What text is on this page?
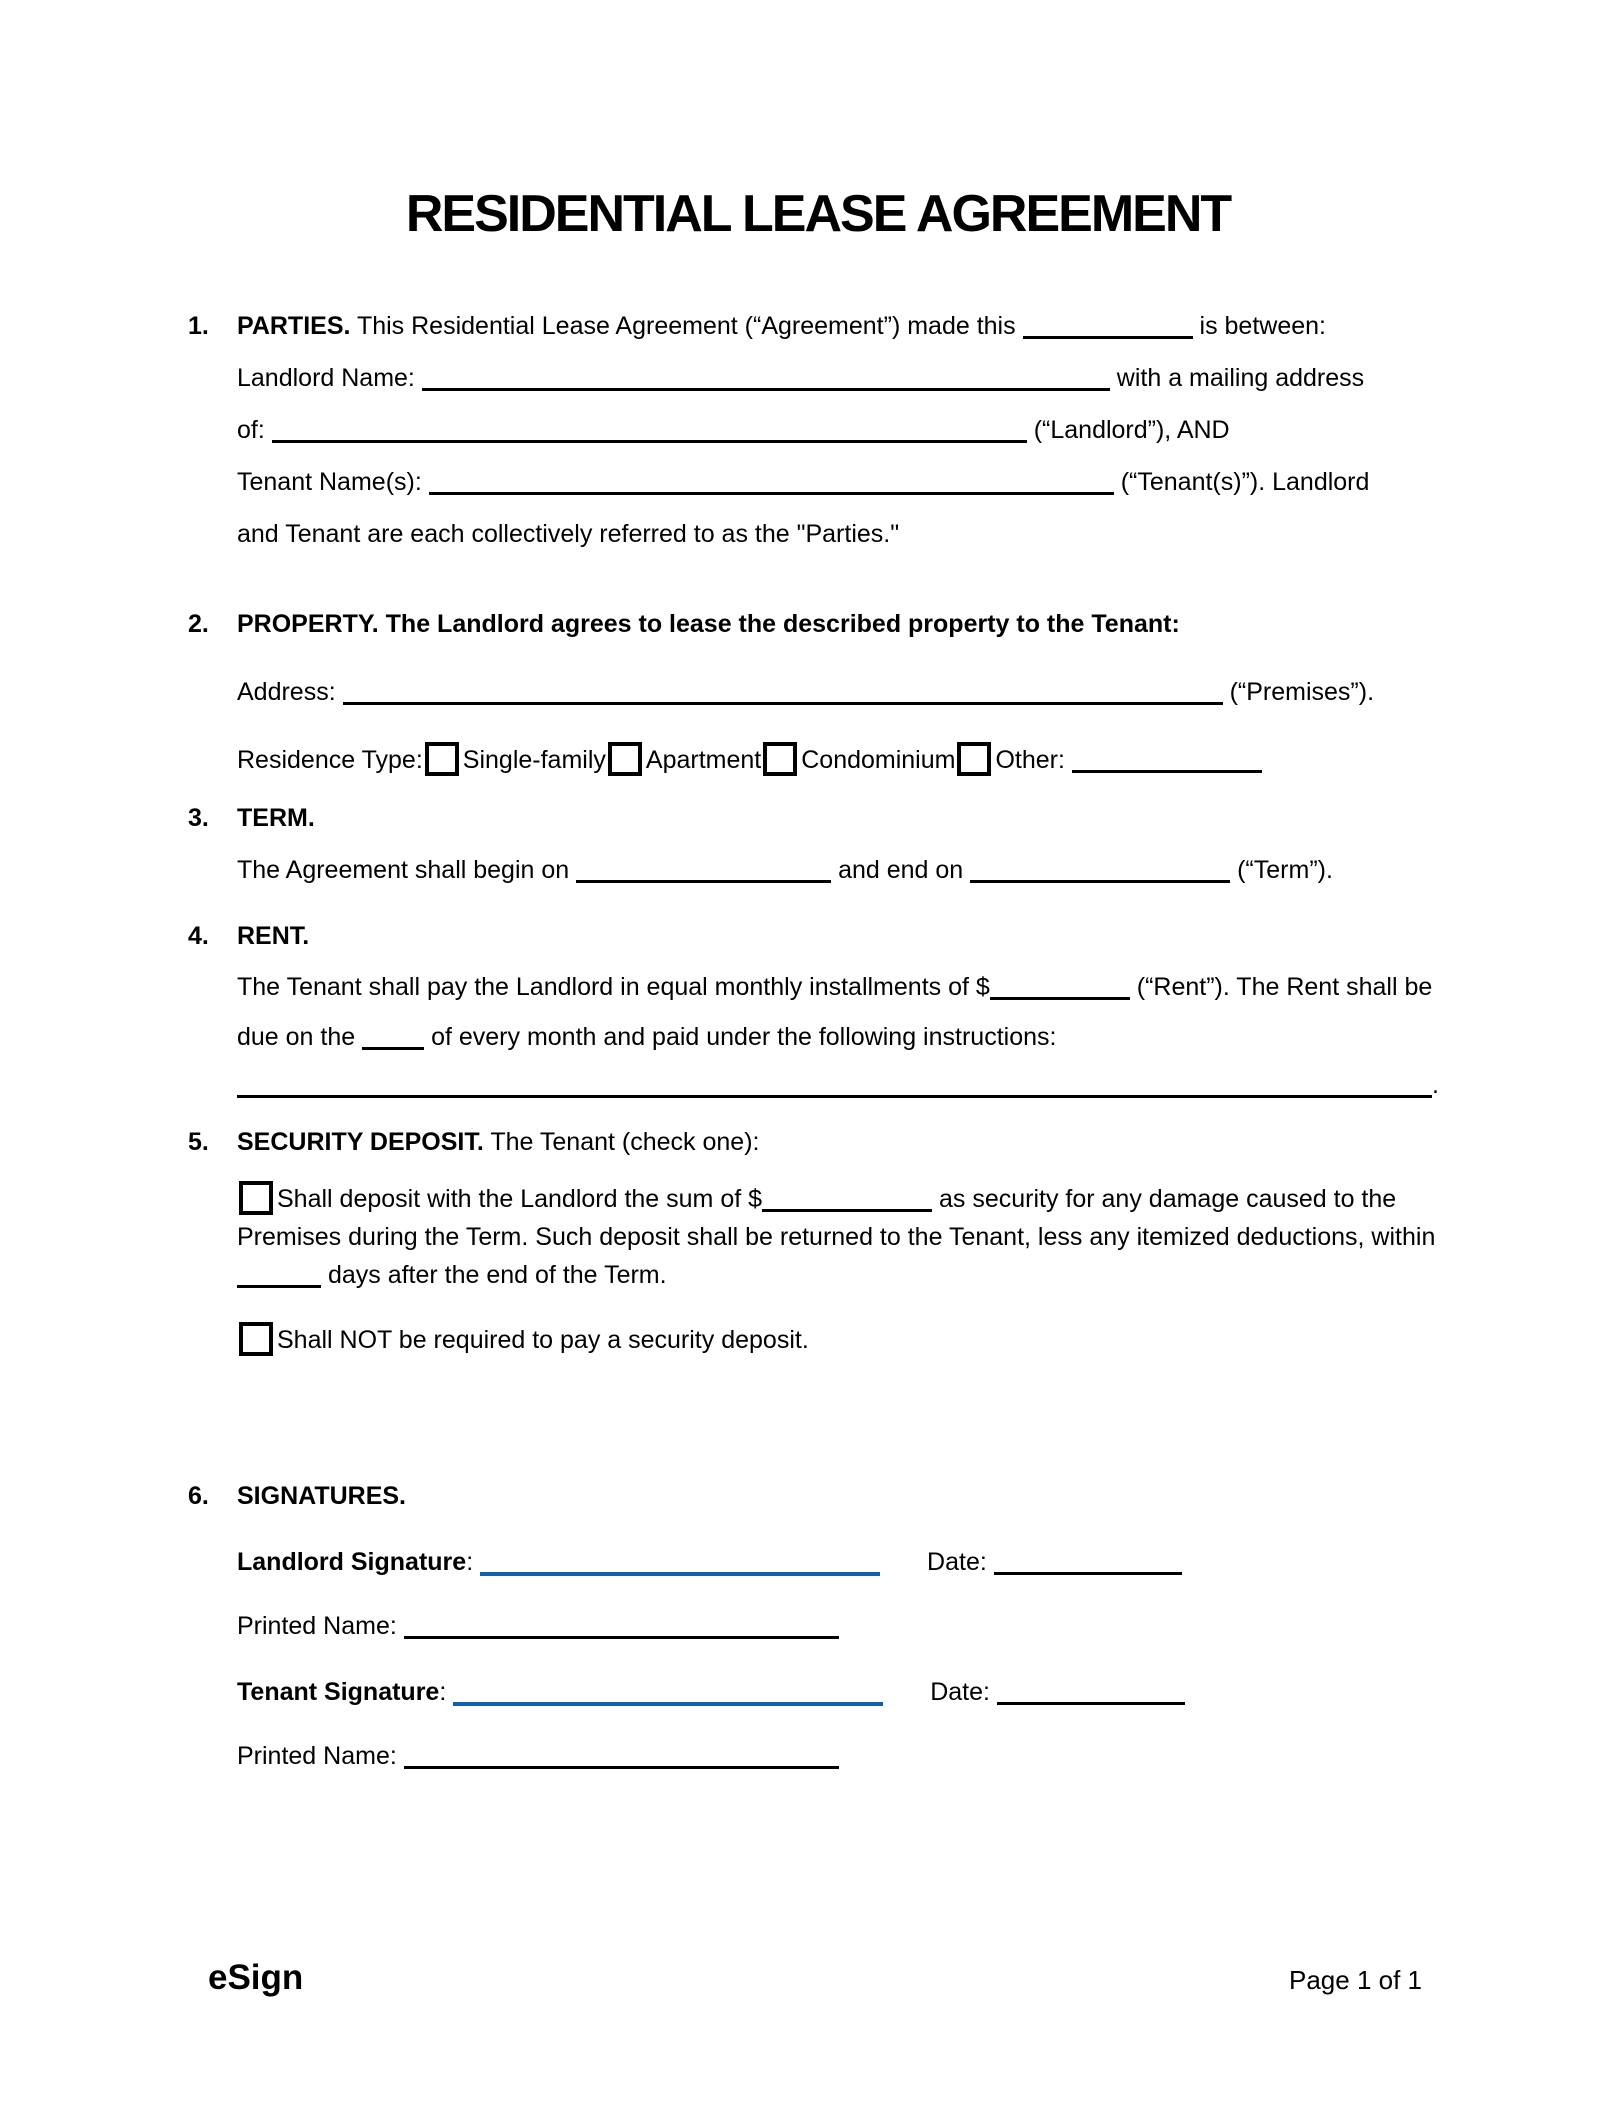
RESIDENTIAL LEASE AGREEMENT
1. PARTIES. This Residential Lease Agreement (“Agreement”) made this	is between:
Landlord Name:	with a mailing address
of:	(“Landlord”), AND
Tenant Name(s):	(“Tenant(s)”). Landlord
and Tenant are each collectively referred to as the "Parties."
2. PROPERTY. The Landlord agrees to lease the described property to the Tenant:
Address:	(“Premises”).
Residence Type: Single-family Apartment Condominium Other:
3. TERM.
The Agreement shall begin on	and end on	(“Term”).
4. RENT.
The Tenant shall pay the Landlord in equal monthly installments of $	(“Rent”). The Rent shall be due on the	of every month and paid under the following instructions:
.
5. SECURITY DEPOSIT. The Tenant (check one):
Shall deposit with the Landlord the sum of $	as security for any damage caused to the Premises during the Term. Such deposit shall be returned to the Tenant, less any itemized deductions, within  days after the end of the Term.
Shall NOT be required to pay a security deposit.
6. SIGNATURES.
Landlord Signature:	Date:
Printed Name:
Tenant Signature:	Date:
Printed Name:
eSign	Page 1 of 1
